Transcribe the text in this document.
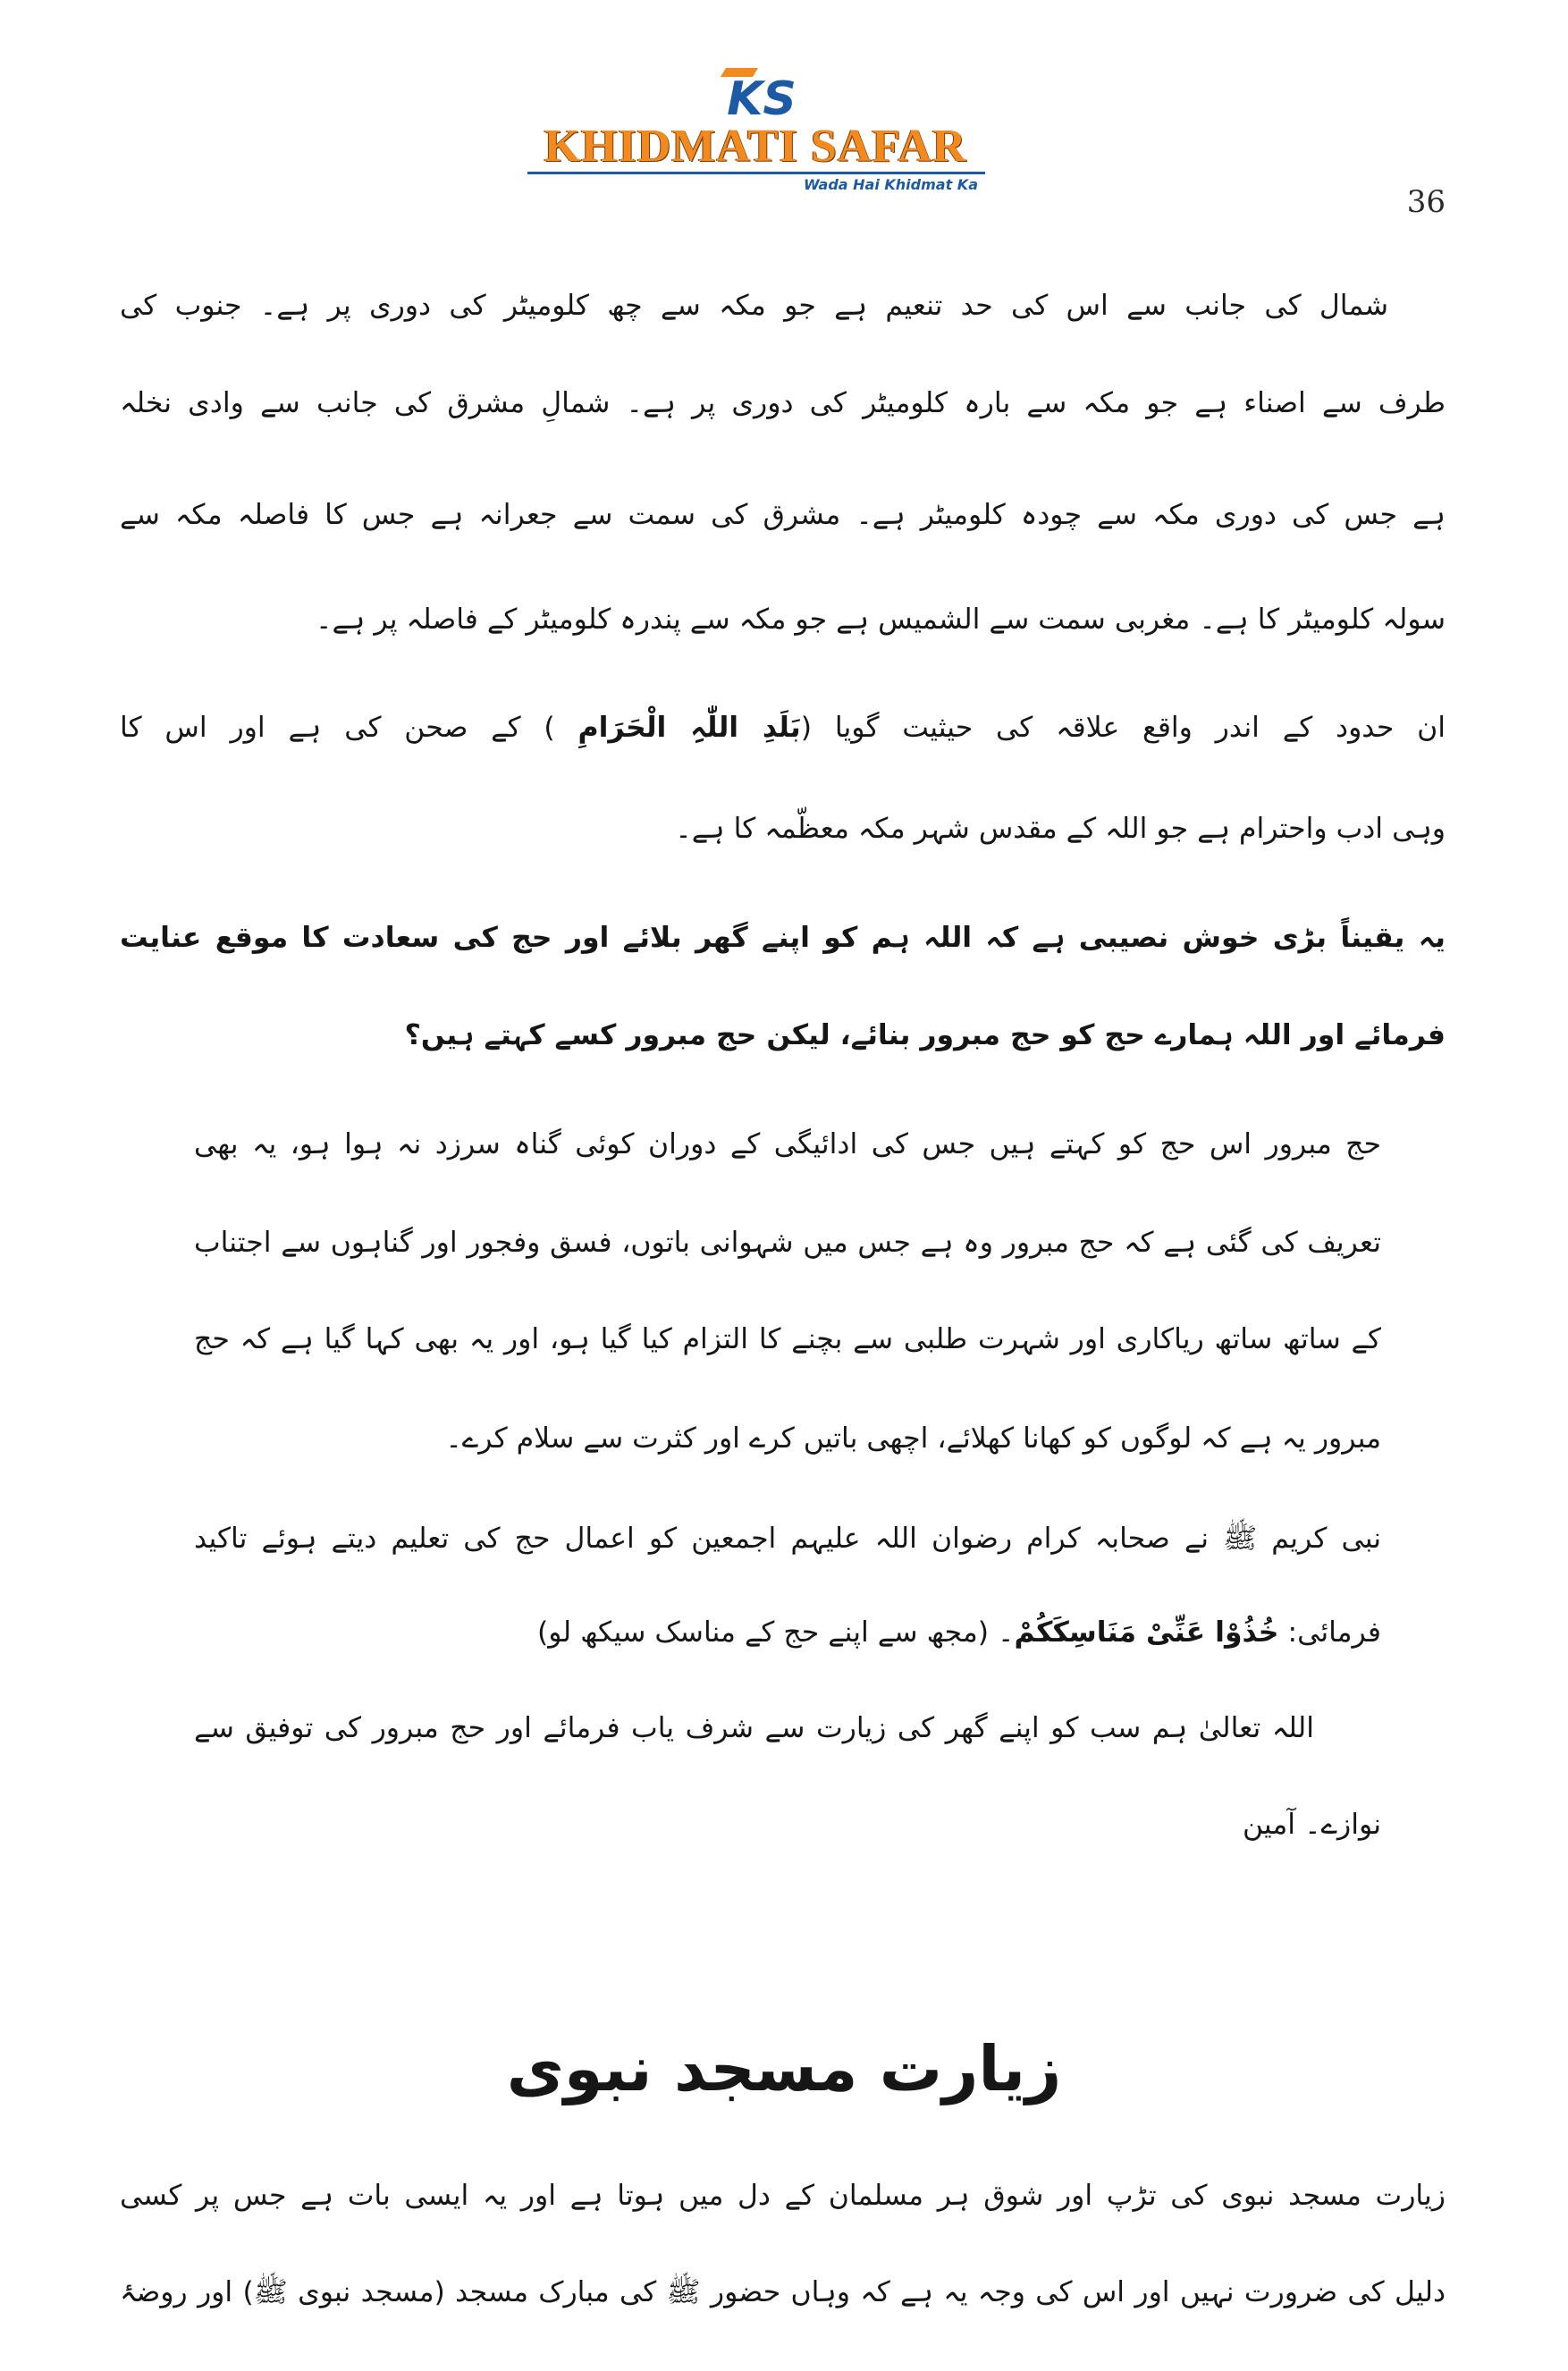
KS
KHIDMATI SAFAR
Wada Hai Khidmat Ka	36
شمال کی جانب سے اس کی حد تنعیم ہے جو مکہ سے چھ کلومیٹر کی دوری پر ہے۔ جنوب کی
طرف سے اصناء ہے جو مکہ سے بارہ کلومیٹر کی دوری پر ہے۔ شمالِ مشرق کی جانب سے وادی نخلہ
ہے جس کی دوری مکہ سے چودہ کلومیٹر ہے۔ مشرق کی سمت سے جعرانہ ہے جس کا فاصلہ مکہ سے
سولہ کلومیٹر کا ہے۔ مغربی سمت سے الشمیس ہے جو مکہ سے پندرہ کلومیٹر کے فاصلہ پر ہے۔
ان حدود کے اندر واقع علاقہ کی حیثیت گویا (بَلَدِ اللّٰہِ الْحَرَامِ ) کے صحن کی ہے اور اس کا
وہی ادب واحترام ہے جو اللہ کے مقدس شہر مکہ معظّمہ کا ہے۔
یہ یقیناً بڑی خوش نصیبی ہے کہ اللہ ہم کو اپنے گھر بلائے اور حج کی سعادت کا موقع عنایت
فرمائے اور اللہ ہمارے حج کو حج مبرور بنائے، لیکن حج مبرور کسے کہتے ہیں؟
حج مبرور اس حج کو کہتے ہیں جس کی ادائیگی کے دوران کوئی گناہ سرزد نہ ہوا ہو، یہ بھی
تعریف کی گئی ہے کہ حج مبرور وہ ہے جس میں شہوانی باتوں، فسق وفجور اور گناہوں سے اجتناب
کے ساتھ ساتھ ریاکاری اور شہرت طلبی سے بچنے کا التزام کیا گیا ہو، اور یہ بھی کہا گیا ہے کہ حج
مبرور یہ ہے کہ لوگوں کو کھانا کھلائے، اچھی باتیں کرے اور کثرت سے سلام کرے۔
نبی کریم ﷺ نے صحابہ کرام رضوان اللہ علیہم اجمعین کو اعمال حج کی تعلیم دیتے ہوئے تاکید
فرمائی: خُذُوْا عَنِّیْ مَنَاسِکَکُمْ۔ (مجھ سے اپنے حج کے مناسک سیکھ لو)
اللہ تعالیٰ ہم سب کو اپنے گھر کی زیارت سے شرف یاب فرمائے اور حج مبرور کی توفیق سے
نوازے۔ آمین
زیارت مسجد نبوی
زیارت مسجد نبوی کی تڑپ اور شوق ہر مسلمان کے دل میں ہوتا ہے اور یہ ایسی بات ہے جس پر کسی
دلیل کی ضرورت نہیں اور اس کی وجہ یہ ہے کہ وہاں حضور ﷺ کی مبارک مسجد (مسجد نبوی ﷺ) اور روضۂ
